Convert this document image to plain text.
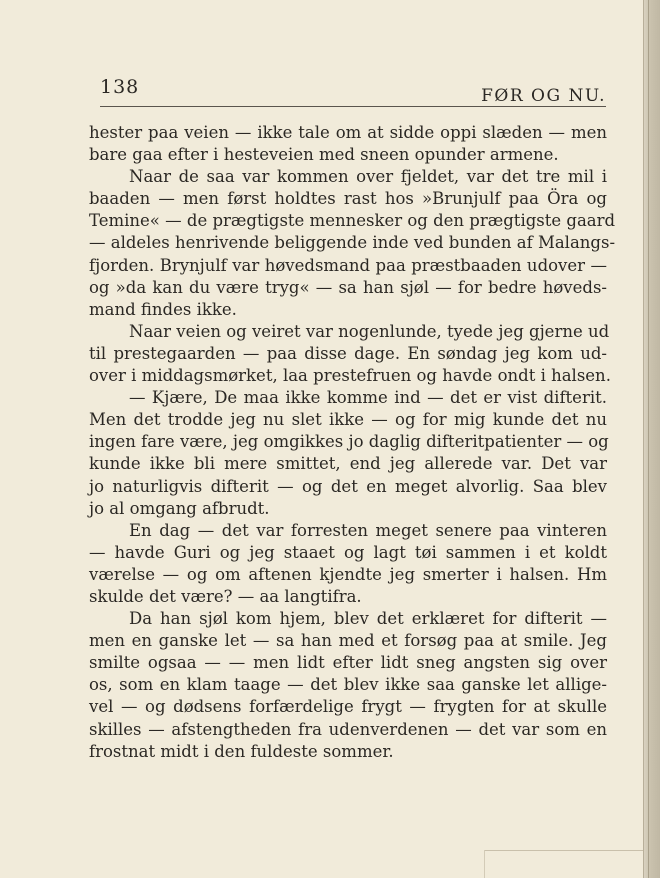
138	FØR OG NU.
hester paa veien — ikke tale om at sidde oppi slæden — men
bare gaa efter i hesteveien med sneen opunder armene.
Naar de saa var kommen over fjeldet, var det tre mil i
baaden — men først holdtes rast hos »Brunjulf paa Öra og
Temine« — de prægtigste mennesker og den prægtigste gaard
— aldeles henrivende beliggende inde ved bunden af Malangs-
fjorden. Brynjulf var høvedsmand paa præstbaaden udover —
og »da kan du være tryg« — sa han sjøl — for bedre høveds-
mand findes ikke.
Naar veien og veiret var nogenlunde, tyede jeg gjerne ud
til prestegaarden — paa disse dage. En søndag jeg kom ud-
over i middagsmørket, laa prestefruen og havde ondt i halsen.
— Kjære, De maa ikke komme ind — det er vist difterit.
Men det trodde jeg nu slet ikke — og for mig kunde det nu
ingen fare være, jeg omgikkes jo daglig difteritpatienter — og
kunde ikke bli mere smittet, end jeg allerede var. Det var
jo naturligvis difterit — og det en meget alvorlig. Saa blev
jo al omgang afbrudt.
En dag — det var forresten meget senere paa vinteren
— havde Guri og jeg staaet og lagt tøi sammen i et koldt
værelse — og om aftenen kjendte jeg smerter i halsen. Hm
skulde det være? — aa langtifra.
Da han sjøl kom hjem, blev det erklæret for difterit —
men en ganske let — sa han med et forsøg paa at smile. Jeg
smilte ogsaa — — men lidt efter lidt sneg angsten sig over
os, som en klam taage — det blev ikke saa ganske let allige-
vel — og dødsens forfærdelige frygt — frygten for at skulle
skilles — afstengtheden fra udenverdenen — det var som en
frostnat midt i den fuldeste sommer.
